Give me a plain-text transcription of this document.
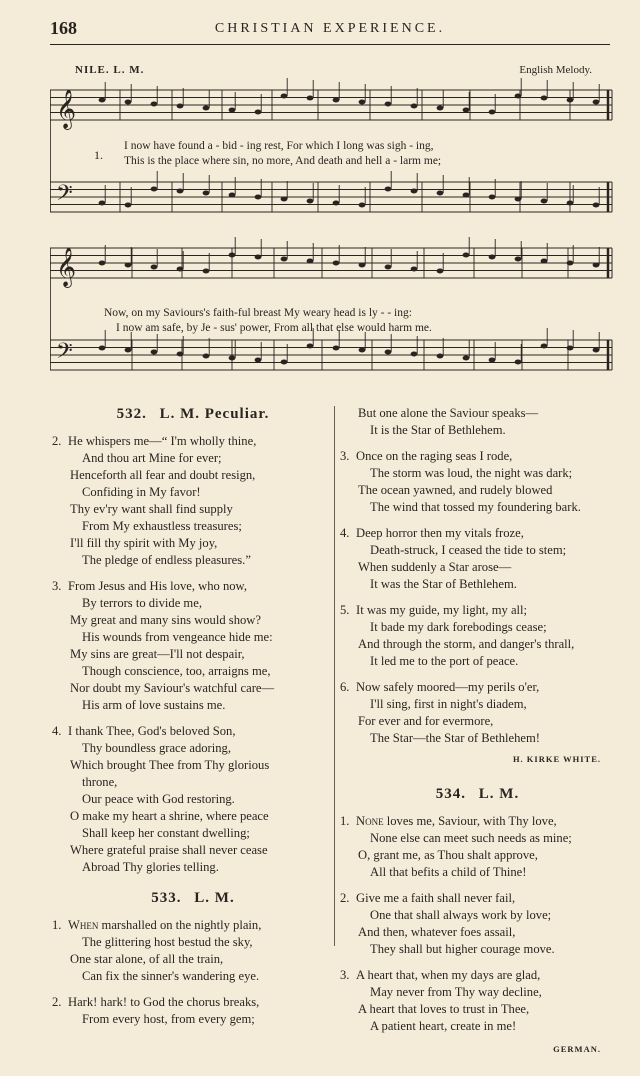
168	CHRISTIAN EXPERIENCE.
NILE. L. M.	English Melody.
𝄞
𝄢
𝄞
𝄢
1.
I now have found a - bid - ing rest, For which I long was sigh - ing,
This is the place where sin, no more, And death and hell a - larm me;
Now, on my Saviours's faith-ful breast My weary head is ly - - ing:
I now am safe, by Je - sus' power, From all that else would harm me.
532. L. M. Peculiar.
2. He whispers me—“ I'm wholly thine,
And thou art Mine for ever;
Henceforth all fear and doubt resign,
Confiding in My favor!
Thy ev'ry want shall find supply
From My exhaustless treasures;
I'll fill thy spirit with My joy,
The pledge of endless pleasures.”
3. From Jesus and His love, who now,
By terrors to divide me,
My great and many sins would show?
His wounds from vengeance hide me:
My sins are great—I'll not despair,
Though conscience, too, arraigns me,
Nor doubt my Saviour's watchful care—
His arm of love sustains me.
4. I thank Thee, God's beloved Son,
Thy boundless grace adoring,
Which brought Thee from Thy glorious
throne,
Our peace with God restoring.
O make my heart a shrine, where peace
Shall keep her constant dwelling;
Where grateful praise shall never cease
Abroad Thy glories telling.
533. L. M.
1. When marshalled on the nightly plain,
The glittering host bestud the sky,
One star alone, of all the train,
Can fix the sinner's wandering eye.
2. Hark! hark! to God the chorus breaks,
From every host, from every gem;
But one alone the Saviour speaks—
It is the Star of Bethlehem.
3. Once on the raging seas I rode,
The storm was loud, the night was dark;
The ocean yawned, and rudely blowed
The wind that tossed my foundering bark.
4. Deep horror then my vitals froze,
Death-struck, I ceased the tide to stem;
When suddenly a Star arose—
It was the Star of Bethlehem.
5. It was my guide, my light, my all;
It bade my dark forebodings cease;
And through the storm, and danger's thrall,
It led me to the port of peace.
6. Now safely moored—my perils o'er,
I'll sing, first in night's diadem,
For ever and for evermore,
The Star—the Star of Bethlehem!
H. KIRKE WHITE.
534. L. M.
1. None loves me, Saviour, with Thy love,
None else can meet such needs as mine;
O, grant me, as Thou shalt approve,
All that befits a child of Thine!
2. Give me a faith shall never fail,
One that shall always work by love;
And then, whatever foes assail,
They shall but higher courage move.
3. A heart that, when my days are glad,
May never from Thy way decline,
A heart that loves to trust in Thee,
A patient heart, create in me!
GERMAN.
